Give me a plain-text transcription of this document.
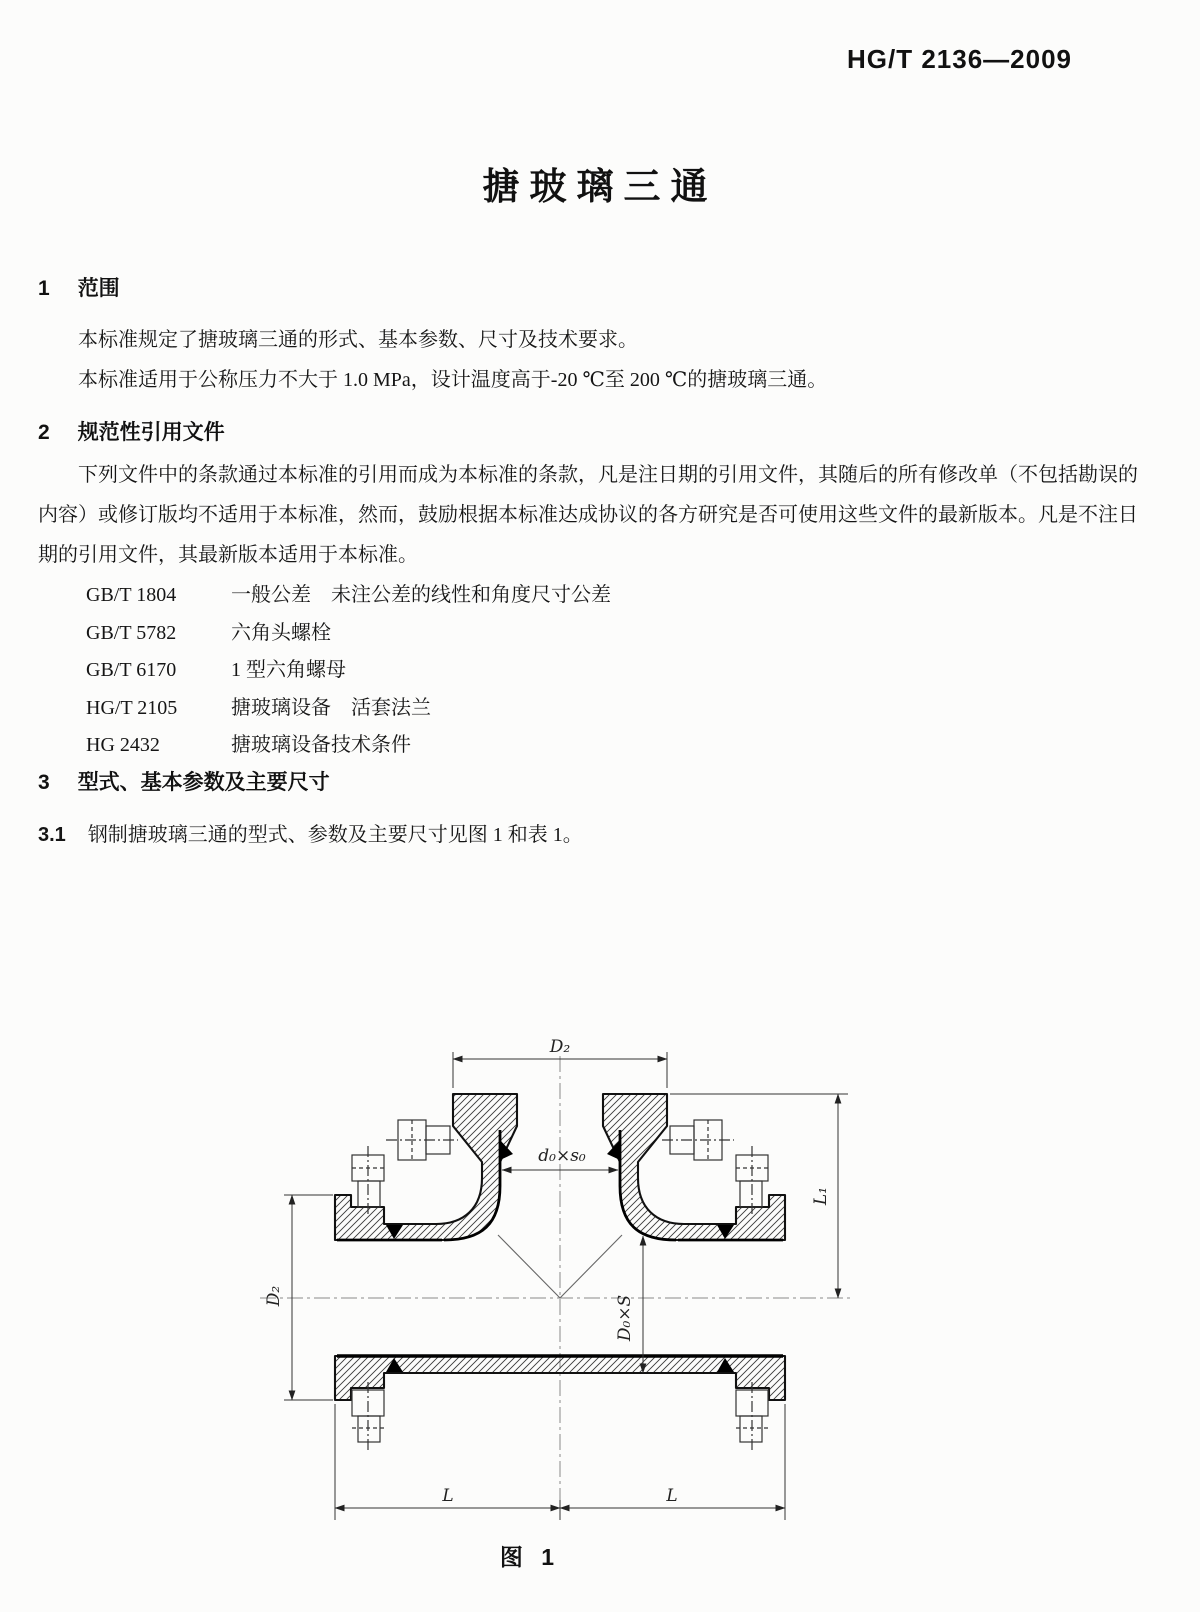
HG/T 2136—2009
搪玻璃三通
1 范围
本标准规定了搪玻璃三通的形式、基本参数、尺寸及技术要求。
本标准适用于公称压力不大于 1.0 MPa，设计温度高于-20 ℃至 200 ℃的搪玻璃三通。
2 规范性引用文件
下列文件中的条款通过本标准的引用而成为本标准的条款，凡是注日期的引用文件，其随后的所有修改单（不包括勘误的内容）或修订版均不适用于本标准，然而，鼓励根据本标准达成协议的各方研究是否可使用这些文件的最新版本。凡是不注日期的引用文件，其最新版本适用于本标准。
GB/T 1804	一般公差　未注公差的线性和角度尺寸公差
GB/T 5782	六角头螺栓
GB/T 6170	1 型六角螺母
HG/T 2105	搪玻璃设备　活套法兰
HG 2432	搪玻璃设备技术条件
3 型式、基本参数及主要尺寸
3.1 钢制搪玻璃三通的型式、参数及主要尺寸见图 1 和表 1。
D₂
d₀×s₀
L₁
D₂	D₀×S
L	L
图 1
